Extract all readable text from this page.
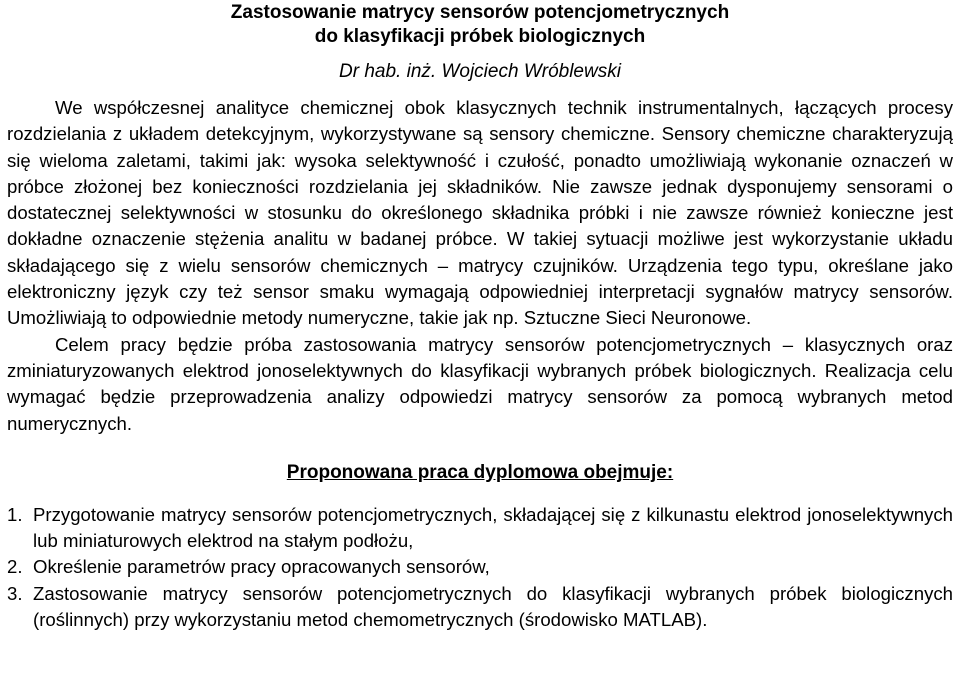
Zastosowanie matrycy sensorów potencjometrycznych
do klasyfikacji próbek biologicznych
Dr hab. inż. Wojciech Wróblewski

We współczesnej analityce chemicznej obok klasycznych technik instrumentalnych, łączących procesy rozdzielania z układem detekcyjnym, wykorzystywane są sensory chemiczne. Sensory chemiczne charakteryzują się wieloma zaletami, takimi jak: wysoka selektywność i czułość, ponadto umożliwiają wykonanie oznaczeń w próbce złożonej bez konieczności rozdzielania jej składników. Nie zawsze jednak dysponujemy sensorami o dostatecznej selektywności w stosunku do określonego składnika próbki i nie zawsze również konieczne jest dokładne oznaczenie stężenia analitu w badanej próbce. W takiej sytuacji możliwe jest wykorzystanie układu składającego się z wielu sensorów chemicznych – matrycy czujników. Urządzenia tego typu, określane jako elektroniczny język czy też sensor smaku wymagają odpowiedniej interpretacji sygnałów matrycy sensorów. Umożliwiają to odpowiednie metody numeryczne, takie jak np. Sztuczne Sieci Neuronowe.

Celem pracy będzie próba zastosowania matrycy sensorów potencjometrycznych – klasycznych oraz zminiaturyzowanych elektrod jonoselektywnych do klasyfikacji wybranych próbek biologicznych. Realizacja celu wymagać będzie przeprowadzenia analizy odpowiedzi matrycy sensorów za pomocą wybranych metod numerycznych.

Proponowana praca dyplomowa obejmuje:

1. Przygotowanie matrycy sensorów potencjometrycznych, składającej się z kilkunastu elektrod jonoselektywnych lub miniaturowych elektrod na stałym podłożu,

2. Określenie parametrów pracy opracowanych sensorów,

3. Zastosowanie matrycy sensorów potencjometrycznych do klasyfikacji wybranych próbek biologicznych (roślinnych) przy wykorzystaniu metod chemometrycznych (środowisko MATLAB).
